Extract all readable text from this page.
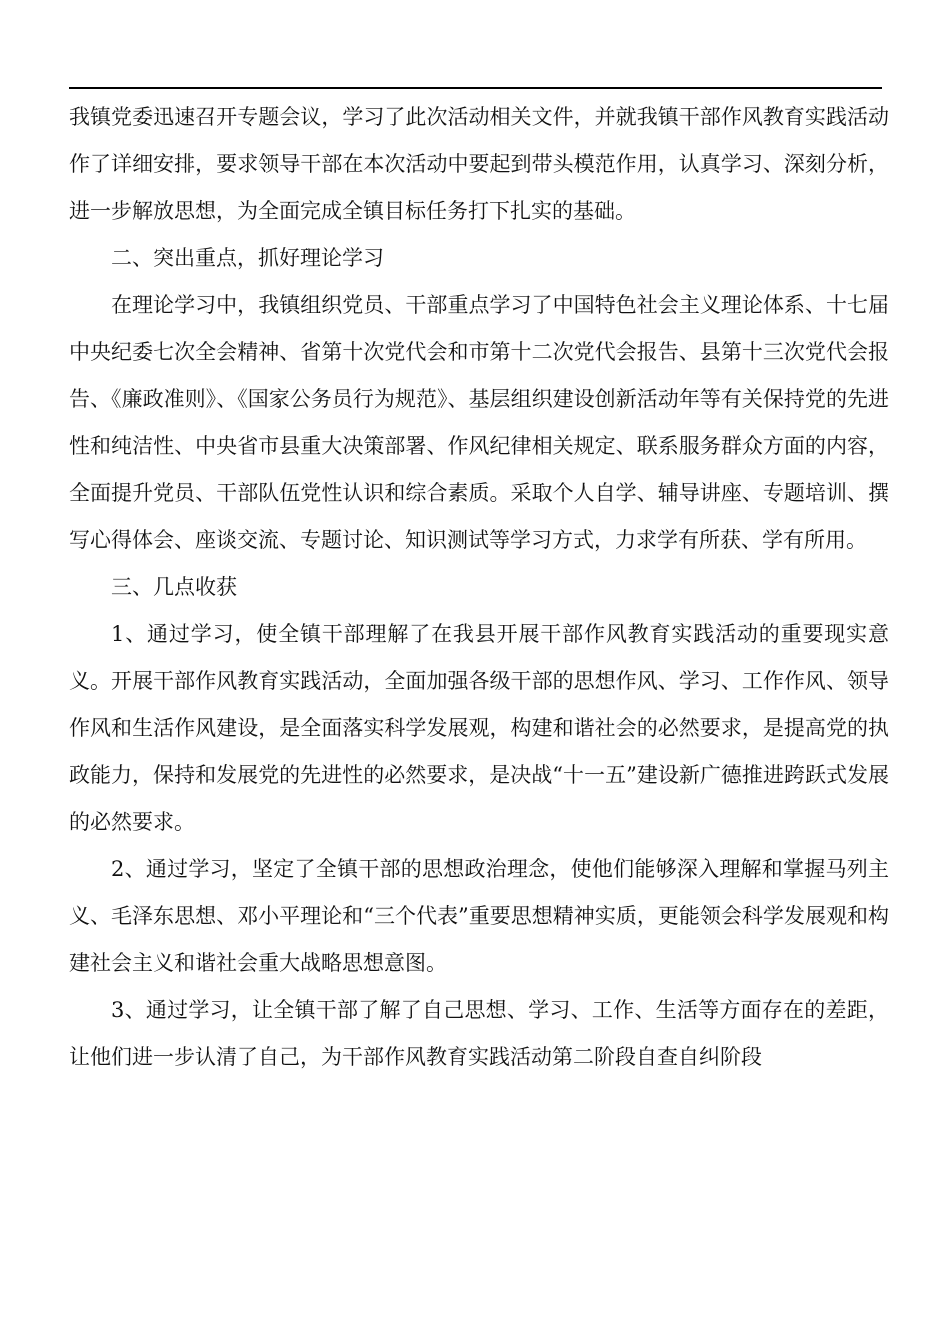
我镇党委迅速召开专题会议，学习了此次活动相关文件，并就我镇干部作风教育实践活动作了详细安排，要求领导干部在本次活动中要起到带头模范作用，认真学习、深刻分析，进一步解放思想，为全面完成全镇目标任务打下扎实的基础。

二、突出重点，抓好理论学习

在理论学习中，我镇组织党员、干部重点学习了中国特色社会主义理论体系、十七届中央纪委七次全会精神、省第十次党代会和市第十二次党代会报告、县第十三次党代会报告、《廉政准则》、《国家公务员行为规范》、基层组织建设创新活动年等有关保持党的先进性和纯洁性、中央省市县重大决策部署、作风纪律相关规定、联系服务群众方面的内容，全面提升党员、干部队伍党性认识和综合素质。采取个人自学、辅导讲座、专题培训、撰写心得体会、座谈交流、专题讨论、知识测试等学习方式，力求学有所获、学有所用。

三、几点收获

1、通过学习，使全镇干部理解了在我县开展干部作风教育实践活动的重要现实意义。开展干部作风教育实践活动，全面加强各级干部的思想作风、学习、工作作风、领导作风和生活作风建设，是全面落实科学发展观，构建和谐社会的必然要求，是提高党的执政能力，保持和发展党的先进性的必然要求，是决战“十一五”建设新广德推进跨跃式发展的必然要求。

2、通过学习，坚定了全镇干部的思想政治理念，使他们能够深入理解和掌握马列主义、毛泽东思想、邓小平理论和“三个代表”重要思想精神实质，更能领会科学发展观和构建社会主义和谐社会重大战略思想意图。

3、通过学习，让全镇干部了解了自己思想、学习、工作、生活等方面存在的差距，让他们进一步认清了自己，为干部作风教育实践活动第二阶段自查自纠阶段
